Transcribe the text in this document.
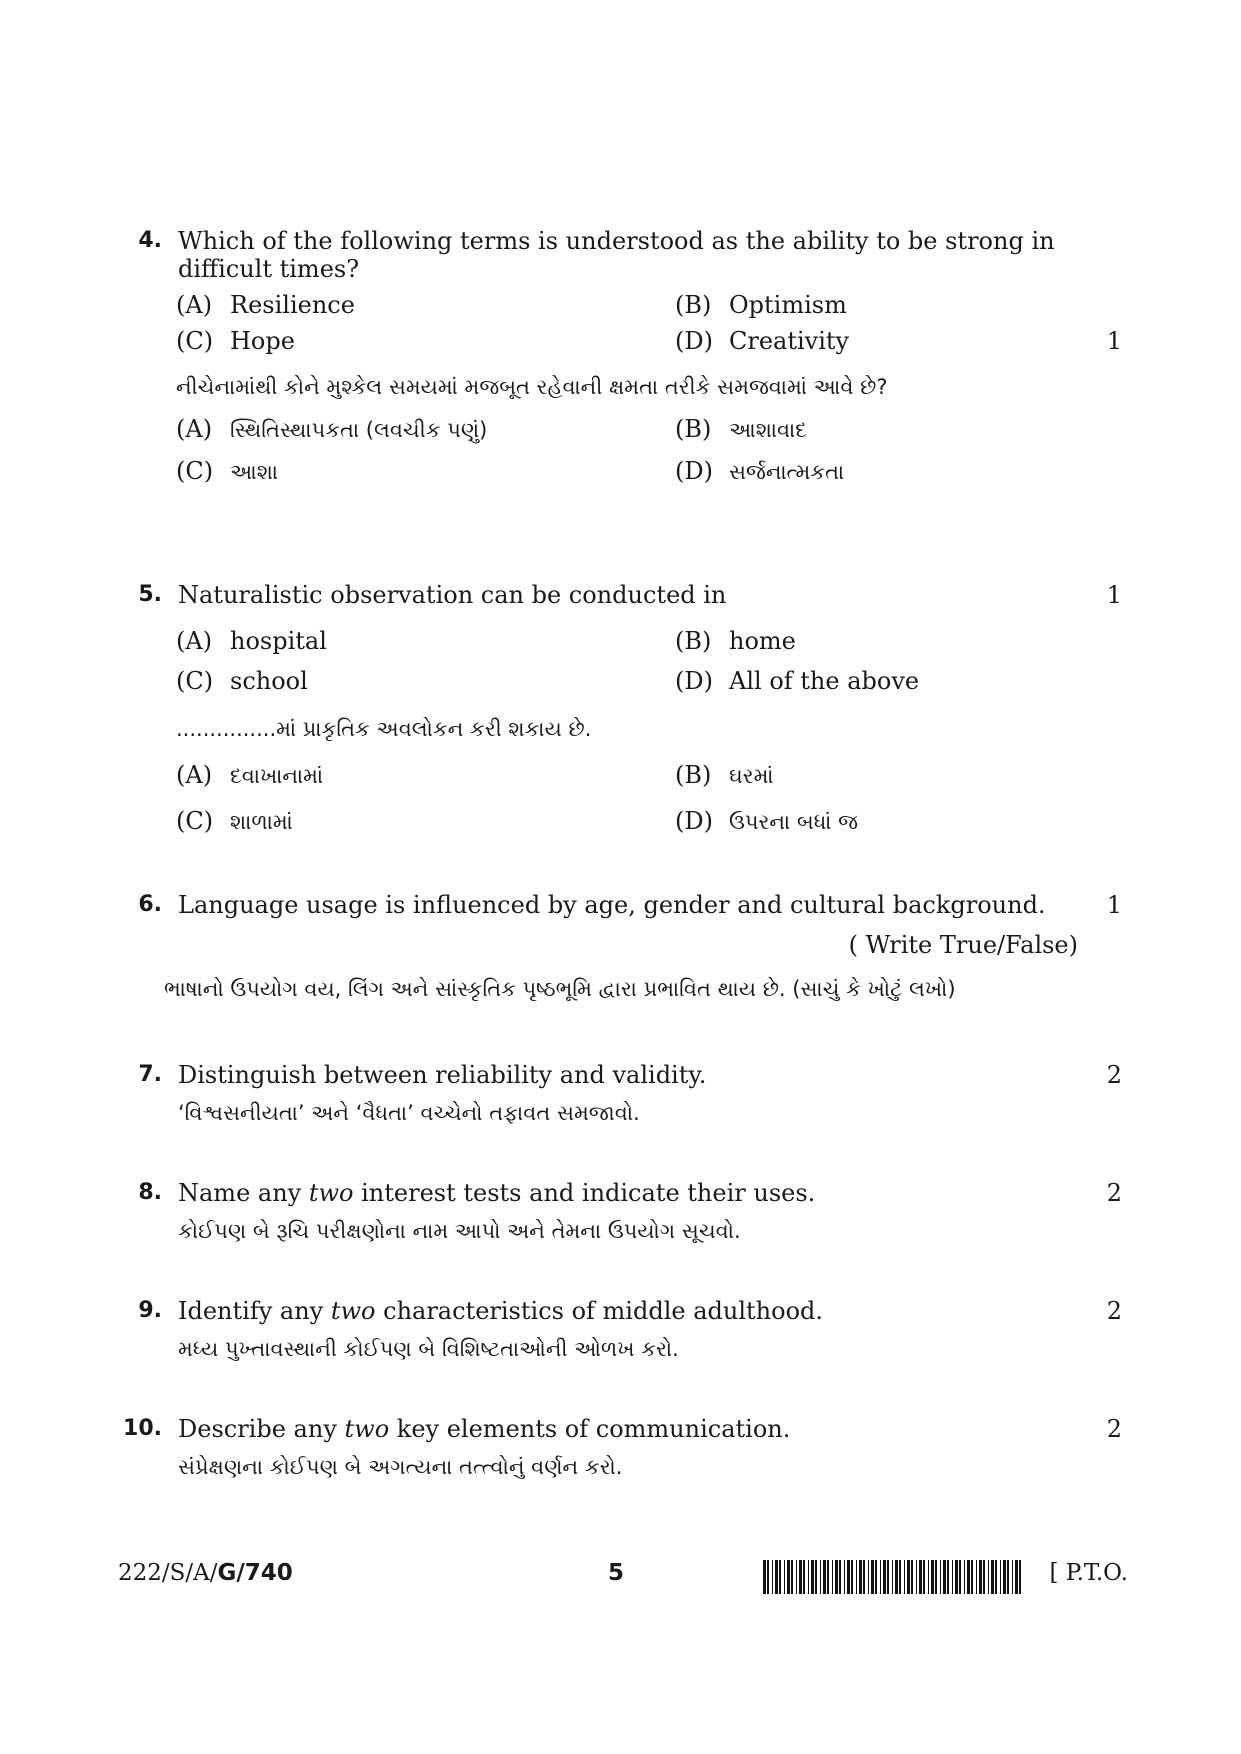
4. Which of the following terms is understood as the ability to be strong in
difficult times?
(A) Resilience	(B) Optimism
(C) Hope	(D) Creativity	1
નીચેનામાંથી કોને મુશ્કેલ સમયમાં મજબૂત રહેવાની ક્ષમતા તરીકે સમજવામાં આવે છે?
(A) સ્થિતિસ્થાપકતા (લવચીક પણું)	(B) આશાવાદ
(C) આશા	(D) સર્જનાત્મકતા
5. Naturalistic observation can be conducted in	1
(A) hospital	(B) home
(C) school	(D) All of the above
...............માં પ્રાકૃતિક અવલોકન કરી શકાય છે.
(A) દવાખાનામાં	(B) ઘરમાં
(C) શાળામાં	(D) ઉપરના બધાં જ
6. Language usage is influenced by age, gender and cultural background.	1
( Write True/False)
ભાષાનો ઉપયોગ વય, લિંગ અને સાંસ્કૃતિક પૃષ્ઠભૂમિ દ્વારા પ્રભાવિત થાય છે. (સાચું કે ખોટું લખો)
7. Distinguish between reliability and validity.	2
‘વિશ્વસનીયતા’ અને ‘વૈધતા’ વચ્ચેનો તફાવત સમજાવો.
8. Name any two interest tests and indicate their uses.	2
કોઈપણ બે રૂચિ પરીક્ષણોના નામ આપો અને તેમના ઉપયોગ સૂચવો.
9. Identify any two characteristics of middle adulthood.	2
મધ્ય પુખ્તાવસ્થાની કોઈપણ બે વિશિષ્ટતાઓની ઓળખ કરો.
10. Describe any two key elements of communication.	2
સંપ્રેક્ષણના કોઈપણ બે અગત્યના તત્ત્વોનું વર્ણન કરો.
222/S/A/G/740	5	[ P.T.O.
